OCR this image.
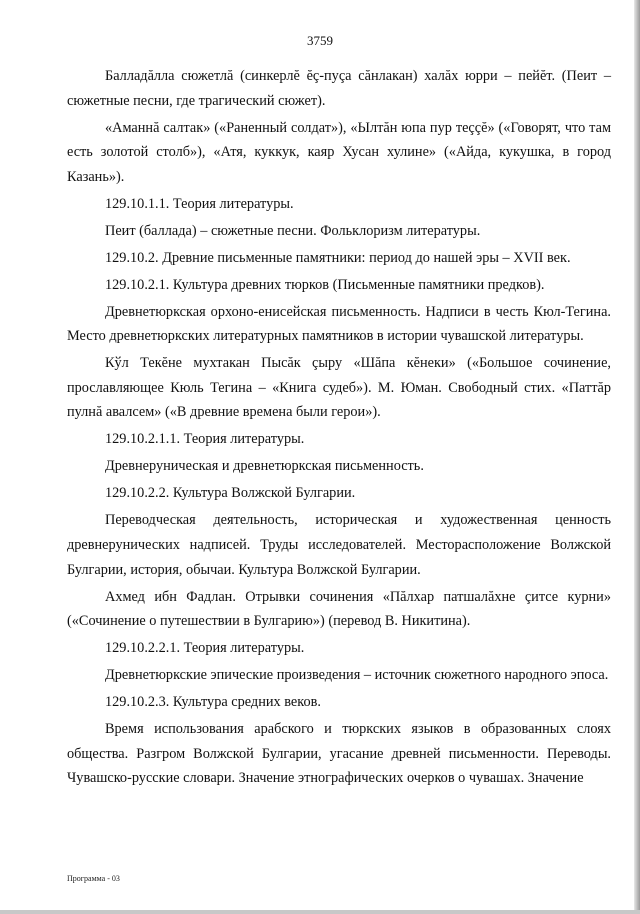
3759

Балладăлла сюжетлă (синкерлĕ ĕç-пуça сăнлакан) халăх юрри – пейĕт. (Пеит – сюжетные песни, где трагический сюжет).

«Аманнă салтак» («Раненный солдат»), «Ылтăн юпа пур теççĕ» («Говорят, что там есть золотой столб»), «Атя, куккук, каяр Хусан хулине» («Айда, кукушка, в город Казань»).

129.10.1.1. Теория литературы.

Пеит (баллада) – сюжетные песни. Фольклоризм литературы.

129.10.2. Древние письменные памятники: период до нашей эры – XVII век.

129.10.2.1. Культура древних тюрков (Письменные памятники предков).

Древнетюркская орхоно-енисейская письменность. Надписи в честь Кюл-Тегина. Место древнетюркских литературных памятников в истории чувашской литературы.

Кўл Текĕне мухтакан Пысăк çыру «Шăпа кĕнеки» («Большое сочинение, прославляющее Кюль Тегина – «Книга судеб»). М. Юман. Свободный стих. «Паттăр пулнă авалсем» («В древние времена были герои»).

129.10.2.1.1. Теория литературы.

Древнеруническая и древнетюркская письменность.

129.10.2.2. Культура Волжской Булгарии.

Переводческая деятельность, историческая и художественная ценность древнерунических надписей. Труды исследователей. Месторасположение Волжской Булгарии, история, обычаи. Культура Волжской Булгарии.

Ахмед ибн Фадлан. Отрывки сочинения «Пăлхар патшалăхне çитсе курни» («Сочинение о путешествии в Булгарию») (перевод В. Никитина).

129.10.2.2.1. Теория литературы.

Древнетюркские эпические произведения – источник сюжетного народного эпоса.

129.10.2.3. Культура средних веков.

Время использования арабского и тюркских языков в образованных слоях общества. Разгром Волжской Булгарии, угасание древней письменности. Переводы. Чувашско-русские словари. Значение этнографических очерков о чувашах. Значение

Программа - 03
